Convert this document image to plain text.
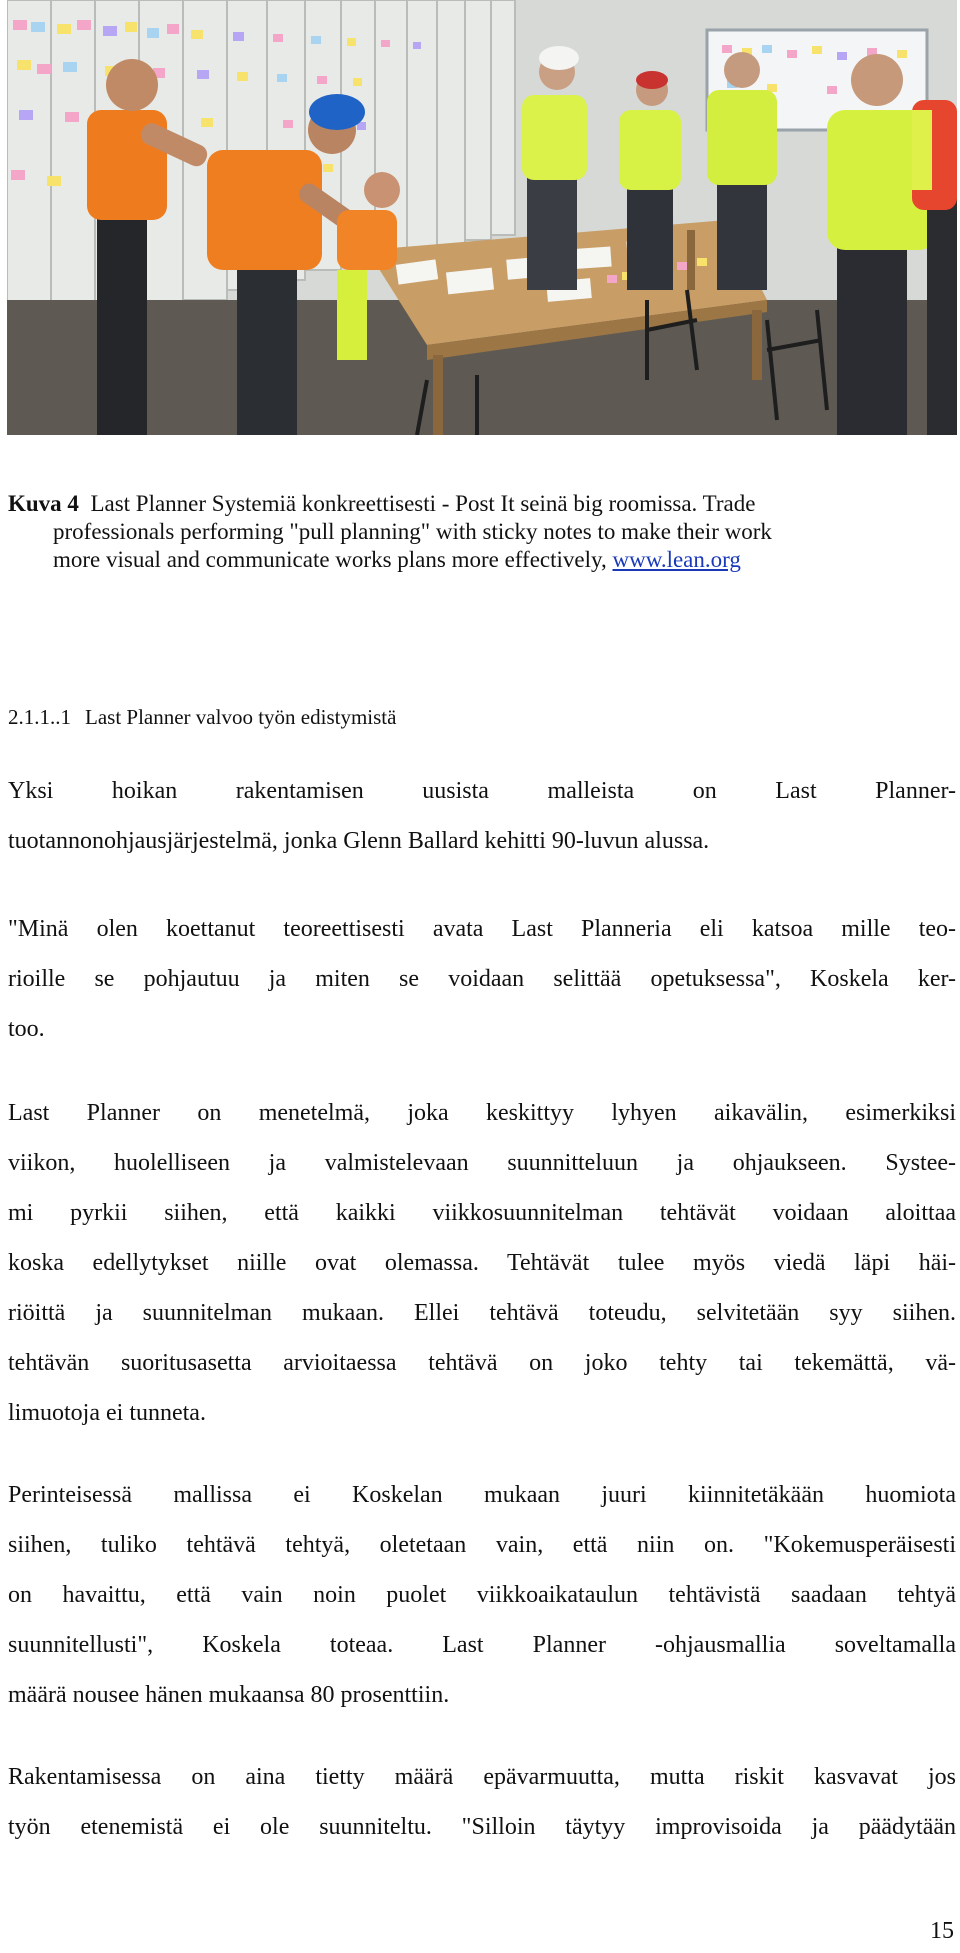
Kuva 4 Last Planner Systemiä konkreettisesti - Post It seinä big roomissa. Trade
professionals performing "pull planning" with sticky notes to make their work
more visual and communicate works plans more effectively, www.lean.org
2.1.1..1 Last Planner valvoo työn edistymistä
Yksi hoikan rakentamisen uusista malleista on Last Planner-
tuotannonohjausjärjestelmä, jonka Glenn Ballard kehitti 90-luvun alussa.
"Minä olen koettanut teoreettisesti avata Last Planneria eli katsoa mille teo-
rioille se pohjautuu ja miten se voidaan selittää opetuksessa", Koskela ker-
too.
Last Planner on menetelmä, joka keskittyy lyhyen aikavälin, esimerkiksi
viikon, huolelliseen ja valmistelevaan suunnitteluun ja ohjaukseen. Systee-
mi pyrkii siihen, että kaikki viikkosuunnitelman tehtävät voidaan aloittaa
koska edellytykset niille ovat olemassa. Tehtävät tulee myös viedä läpi häi-
riöittä ja suunnitelman mukaan. Ellei tehtävä toteudu, selvitetään syy siihen.
tehtävän suoritusasetta arvioitaessa tehtävä on joko tehty tai tekemättä, vä-
limuotoja ei tunneta.
Perinteisessä mallissa ei Koskelan mukaan juuri kiinnitetäkään huomiota
siihen, tuliko tehtävä tehtyä, oletetaan vain, että niin on. "Kokemusperäisesti
on havaittu, että vain noin puolet viikkoaikataulun tehtävistä saadaan tehtyä
suunnitellusti", Koskela toteaa. Last Planner -ohjausmallia soveltamalla
määrä nousee hänen mukaansa 80 prosenttiin.
Rakentamisessa on aina tietty määrä epävarmuutta, mutta riskit kasvavat jos
työn etenemistä ei ole suunniteltu. "Silloin täytyy improvisoida ja päädytään
15
